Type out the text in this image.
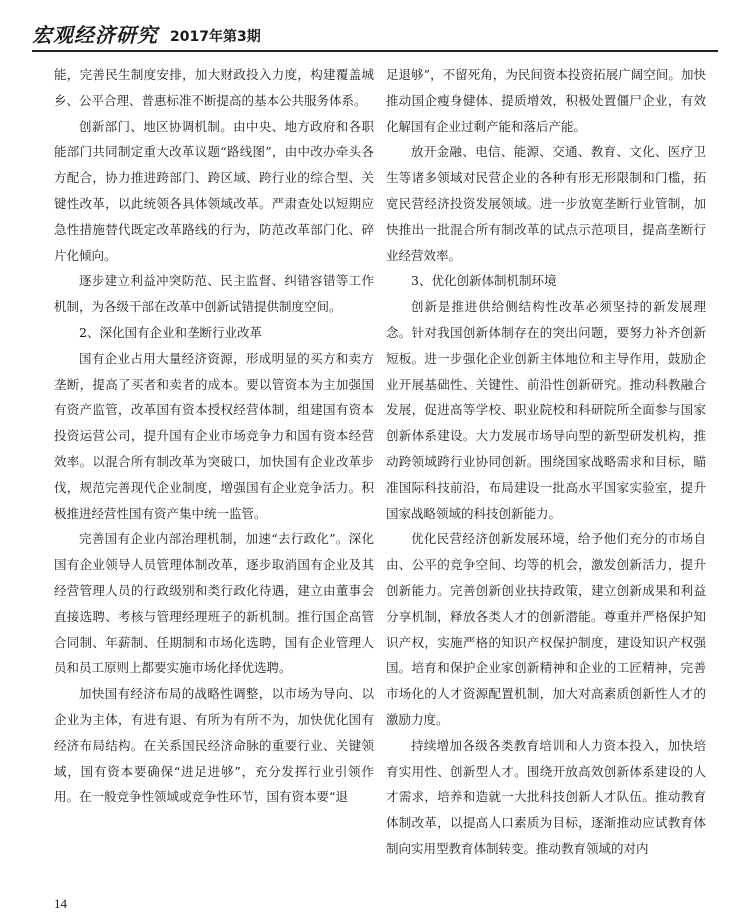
宏观经济研究 2017年第3期

能，完善民生制度安排，加大财政投入力度，构建覆盖城乡、公平合理、普惠标准不断提高的基本公共服务体系。

创新部门、地区协调机制。由中央、地方政府和各职能部门共同制定重大改革议题“路线图”，由中改办牵头各方配合，协力推进跨部门、跨区域、跨行业的综合型、关键性改革，以此统领各具体领域改革。严肃查处以短期应急性措施替代既定改革路线的行为，防范改革部门化、碎片化倾向。

逐步建立利益冲突防范、民主监督、纠错容错等工作机制，为各级干部在改革中创新试错提供制度空间。

2、深化国有企业和垄断行业改革

国有企业占用大量经济资源，形成明显的买方和卖方垄断，提高了买者和卖者的成本。要以管资本为主加强国有资产监管，改革国有资本授权经营体制，组建国有资本投资运营公司，提升国有企业市场竞争力和国有资本经营效率。以混合所有制改革为突破口，加快国有企业改革步伐，规范完善现代企业制度，增强国有企业竞争活力。积极推进经营性国有资产集中统一监管。

完善国有企业内部治理机制，加速“去行政化”。深化国有企业领导人员管理体制改革，逐步取消国有企业及其经营管理人员的行政级别和类行政化待遇，建立由董事会直接选聘、考核与管理经理班子的新机制。推行国企高管合同制、年薪制、任期制和市场化选聘，国有企业管理人员和员工原则上都要实施市场化择优选聘。

加快国有经济布局的战略性调整，以市场为导向、以企业为主体，有进有退、有所为有所不为，加快优化国有经济布局结构。在关系国民经济命脉的重要行业、关键领域，国有资本要确保“进足进够”，充分发挥行业引领作用。在一般竞争性领域或竞争性环节，国有资本要“退

足退够”，不留死角，为民间资本投资拓展广阔空间。加快推动国企瘦身健体、提质增效，积极处置僵尸企业，有效化解国有企业过剩产能和落后产能。

放开金融、电信、能源、交通、教育、文化、医疗卫生等诸多领域对民营企业的各种有形无形限制和门槛，拓宽民营经济投资发展领域。进一步放宽垄断行业管制，加快推出一批混合所有制改革的试点示范项目，提高垄断行业经营效率。

3、优化创新体制机制环境

创新是推进供给侧结构性改革必须坚持的新发展理念。针对我国创新体制存在的突出问题，要努力补齐创新短板。进一步强化企业创新主体地位和主导作用，鼓励企业开展基础性、关键性、前沿性创新研究。推动科教融合发展，促进高等学校、职业院校和科研院所全面参与国家创新体系建设。大力发展市场导向型的新型研发机构，推动跨领域跨行业协同创新。围绕国家战略需求和目标，瞄准国际科技前沿，布局建设一批高水平国家实验室，提升国家战略领域的科技创新能力。

优化民营经济创新发展环境，给予他们充分的市场自由、公平的竞争空间、均等的机会，激发创新活力，提升创新能力。完善创新创业扶持政策，建立创新成果和利益分享机制，释放各类人才的创新潜能。尊重并严格保护知识产权，实施严格的知识产权保护制度，建设知识产权强国。培育和保护企业家创新精神和企业的工匠精神，完善市场化的人才资源配置机制，加大对高素质创新性人才的激励力度。

持续增加各级各类教育培训和人力资本投入，加快培育实用性、创新型人才。围绕开放高效创新体系建设的人才需求，培养和造就一大批科技创新人才队伍。推动教育体制改革，以提高人口素质为目标，逐渐推动应试教育体制向实用型教育体制转变。推动教育领域的对内

14
